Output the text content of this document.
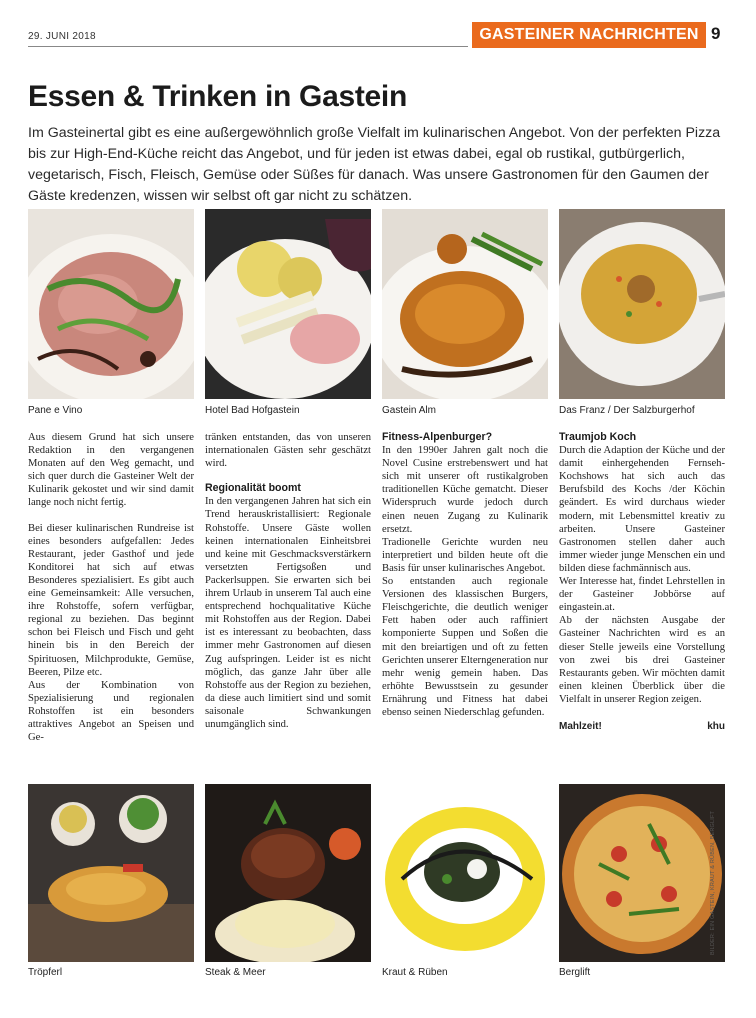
29. JUNI 2018	GASTEINER NACHRICHTEN 9
Essen & Trinken in Gastein

Im Gasteinertal gibt es eine außergewöhnlich große Vielfalt im kulinarischen Angebot. Von der perfekten Pizza bis zur High-End-Küche reicht das Angebot, und für jeden ist etwas dabei, egal ob rustikal, gutbürgerlich, vegetarisch, Fisch, Fleisch, Gemüse oder Süßes für danach. Was unsere Gastronomen für den Gaumen der Gäste kredenzen, wissen wir selbst oft gar nicht zu schätzen.

Pane e Vino	Hotel Bad Hofgastein	Gastein Alm	Das Franz / Der Salzburgerhof

Aus diesem Grund hat sich unsere Redaktion in den vergangenen Monaten auf den Weg gemacht, und sich quer durch die Gasteiner Welt der Kulinarik gekostet und wir sind damit lange noch nicht fertig.

Bei dieser kulinarischen Rundreise ist eines besonders aufgefallen: Jedes Restaurant, jeder Gasthof und jede Konditorei hat sich auf etwas Besonderes spezialisiert. Es gibt auch eine Gemeinsamkeit: Alle versuchen, ihre Rohstoffe, sofern verfügbar, regional zu beziehen. Das beginnt schon bei Fleisch und Fisch und geht hinein bis in den Bereich der Spirituosen, Milchprodukte, Gemüse, Beeren, Pilze etc.

Aus der Kombination von Spezialisierung und regionalen Rohstoffen ist ein besonders attraktives Angebot an Speisen und Ge-

tränken entstanden, das von unseren internationalen Gästen sehr geschätzt wird.

Regionalität boomt

In den vergangenen Jahren hat sich ein Trend herauskristallisiert: Regionale Rohstoffe. Unsere Gäste wollen keinen internationalen Einheitsbrei und keine mit Geschmacksverstärkern versetzten Fertigsoßen und Packerlsuppen. Sie erwarten sich bei ihrem Urlaub in unserem Tal auch eine entsprechend hochqualitative Küche mit Rohstoffen aus der Region. Dabei ist es interessant zu beobachten, dass immer mehr Gastronomen auf diesen Zug aufspringen. Leider ist es nicht möglich, das ganze Jahr über alle Rohstoffe aus der Region zu beziehen, da diese auch limitiert sind und somit saisonale Schwankungen unumgänglich sind.

Fitness-Alpenburger?

In den 1990er Jahren galt noch die Novel Cusine erstrebenswert und hat sich mit unserer oft rustikalgroben traditionellen Küche gematcht. Dieser Widerspruch wurde jedoch durch einen neuen Zugang zu Kulinarik ersetzt.

Tradionelle Gerichte wurden neu interpretiert und bilden heute oft die Basis für unser kulinarisches Angebot.

So entstanden auch regionale Versionen des klassischen Burgers, Fleischgerichte, die deutlich weniger Fett haben oder auch raffiniert komponierte Suppen und Soßen die mit den breiartigen und oft zu fetten Gerichten unserer Elterngeneration nur mehr wenig gemein haben. Das erhöhte Bewusstsein zu gesunder Ernährung und Fitness hat dabei ebenso seinen Niederschlag gefunden.

Traumjob Koch

Durch die Adaption der Küche und der damit einhergehenden Fernseh-Kochshows hat sich auch das Berufsbild des Kochs /der Köchin geändert. Es wird durchaus wieder modern, mit Lebensmittel kreativ zu arbeiten. Unsere Gasteiner Gastronomen stellen daher auch immer wieder junge Menschen ein und bilden diese fachmännisch aus.

Wer Interesse hat, findet Lehrstellen in der Gasteiner Jobbörse auf eingastein.at.

Ab der nächsten Ausgabe der Gasteiner Nachrichten wird es an dieser Stelle jeweils eine Vorstellung von zwei bis drei Gasteiner Restaurants geben. Wir möchten damit einen kleinen Überblick über die Vielfalt in unserer Region zeigen.

Mahlzeit!	khu
Tröpferl	Steak & Meer	Kraut & Rüben	Berglift
BILDER: EIN GASTEIN, KRAUT & RÜBEN, BERGLIFT
